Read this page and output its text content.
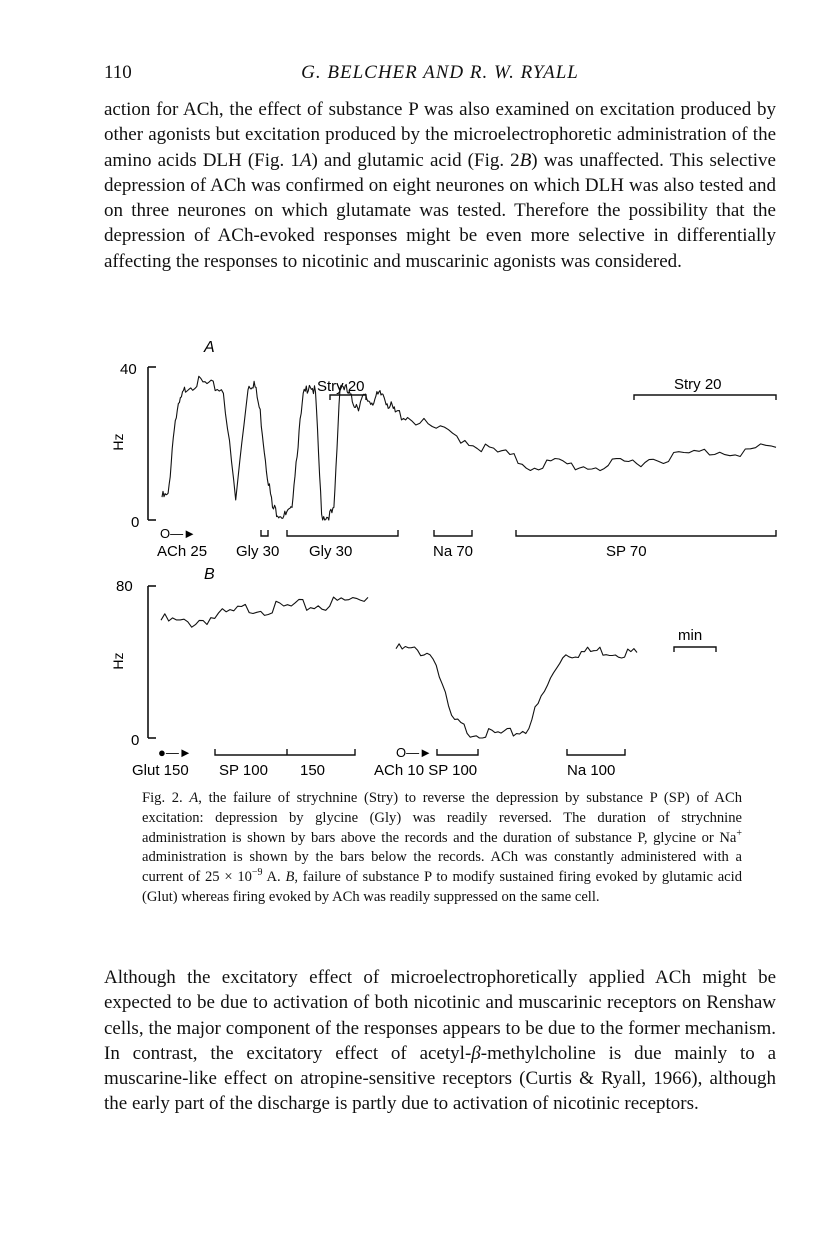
110	G. BELCHER AND R. W. RYALL

action for ACh, the effect of substance P was also examined on excitation produced by other agonists but excitation produced by the microelectrophoretic administration of the amino acids DLH (Fig. 1A) and glutamic acid (Fig. 2B) was unaffected. This selective depression of ACh was confirmed on eight neurones on which DLH was also tested and on three neurones on which glutamate was tested. Therefore the possibility that the depression of ACh-evoked responses might be even more selective in differentially affecting the responses to nicotinic and muscarinic agonists was considered.

A
40
0
Hz
Stry 20	Stry 20
O—►
ACh 25 Gly 30 Gly 30	Na 70	SP 70
B
80
0
Hz
min
●—►	O—►
Glut 150 SP 100 150	ACh 10 SP 100	Na 100
Fig. 2. A, the failure of strychnine (Stry) to reverse the depression by substance P (SP) of ACh excitation: depression by glycine (Gly) was readily reversed. The duration of strychnine administration is shown by bars above the records and the duration of substance P, glycine or Na+ administration is shown by the bars below the records. ACh was constantly administered with a current of $25 \times 10^{-9}$ A. B, failure of substance P to modify sustained firing evoked by glutamic acid (Glut) whereas firing evoked by ACh was readily suppressed on the same cell.

Although the excitatory effect of microelectrophoretically applied ACh might be expected to be due to activation of both nicotinic and muscarinic receptors on Renshaw cells, the major component of the responses appears to be due to the former mechanism. In contrast, the excitatory effect of acetyl-β-methylcholine is due mainly to a muscarine-like effect on atropine-sensitive receptors (Curtis & Ryall, 1966), although the early part of the discharge is partly due to activation of nicotinic receptors.
